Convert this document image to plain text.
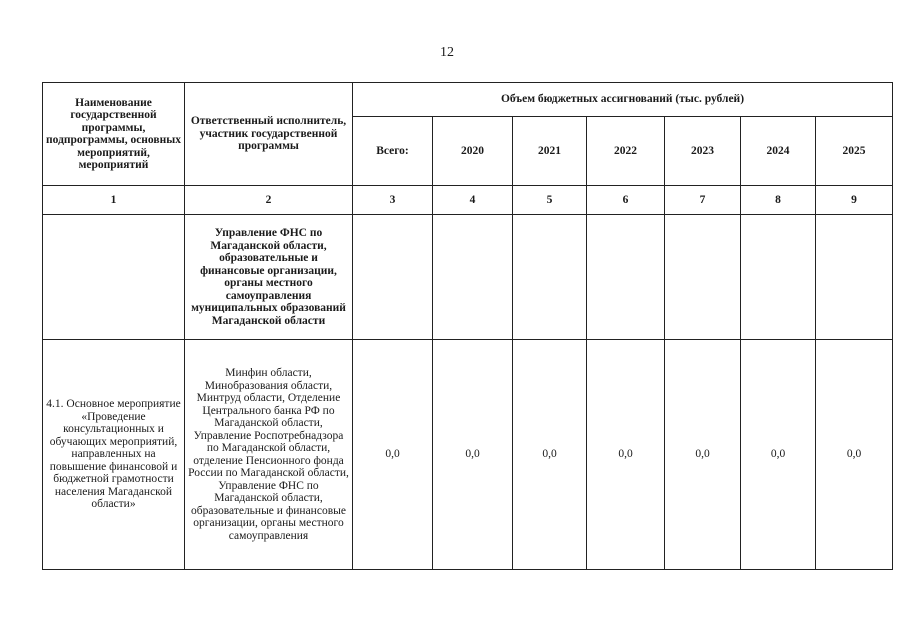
12
Наименование государственной программы, подпрограммы, основных мероприятий, мероприятий	Ответственный исполнитель, участник государственной программы	Объем бюджетных ассигнований (тыс. рублей)						
		Всего:	2020	2021	2022	2023	2024	2025
1	2	3	4	5	6	7	8	9
	Управление ФНС по Магаданской области, образовательные и финансовые организации, органы местного самоуправления муниципальных образований Магаданской области							
4.1. Основное мероприятие «Проведение консультационных и обучающих мероприятий, направленных на повышение финансовой и бюджетной грамотности населения Магаданской области»	Минфин области, Минобразования области, Минтруд области, Отделение Центрального банка РФ по Магаданской области, Управление Роспотребнадзора по Магаданской области, отделение Пенсионного фонда России по Магаданской области, Управление ФНС по Магаданской области, образовательные и финансовые организации, органы местного самоуправления	0,0	0,0	0,0	0,0	0,0	0,0	0,0
